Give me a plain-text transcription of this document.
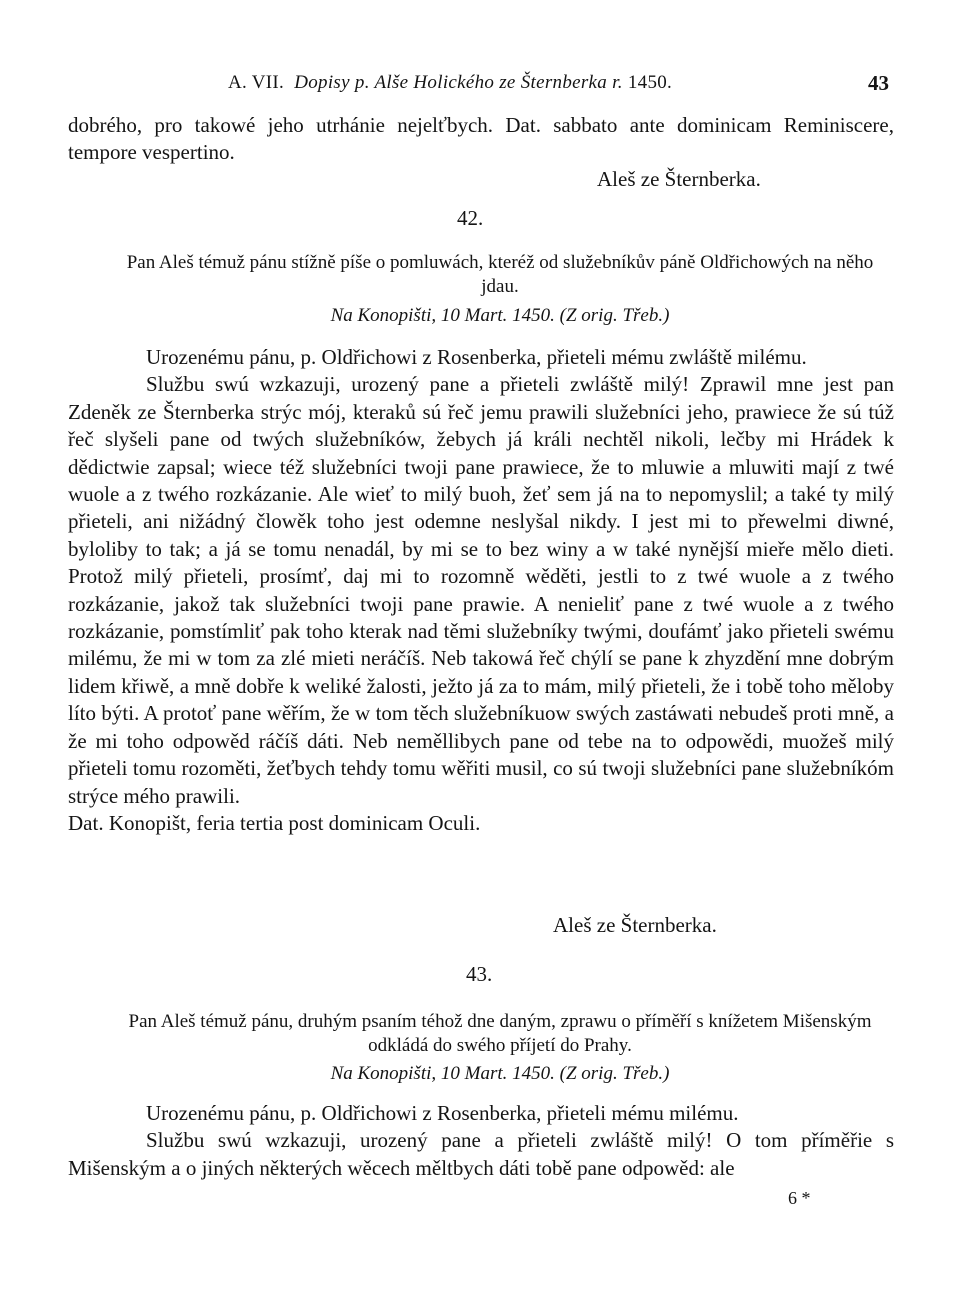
A. VII. Dopisy p. Alše Holického ze Šternberka r. 1450.	43

dobrého, pro takowé jeho utrhánie nejelťbych. Dat. sabbato ante dominicam Reminiscere, tempore vespertino.

Aleš ze Šternberka.
42.
Pan Aleš témuž pánu stížně píše o pomluwách, kteréž od služebníkův páně Oldřichowých na něho jdau.
Na Konopišti, 10 Mart. 1450. (Z orig. Třeb.)

Urozenému pánu, p. Oldřichowi z Rosenberka, přieteli mému zwláště milému.

Službu swú wzkazuji, urozený pane a přieteli zwláště milý! Zprawil mne jest pan Zdeněk ze Šternberka strýc mój, kteraků sú řeč jemu prawili služebníci jeho, prawiece že sú túž řeč slyšeli pane od twých služebníków, žebych já králi nechtěl nikoli, lečby mi Hrádek k dědictwie zapsal; wiece též služebníci twoji pane prawiece, že to mluwie a mluwiti mají z twé wuole a z twého rozkázanie. Ale wieť to milý buoh, žeť sem já na to nepomyslil; a také ty milý přieteli, ani nižádný člowěk toho jest odemne neslyšal nikdy. I jest mi to přewelmi diwné, byloliby to tak; a já se tomu nenadál, by mi se to bez winy a w také nynější mieře mělo dieti. Protož milý přieteli, prosímť, daj mi to rozomně wěděti, jestli to z twé wuole a z twého rozkázanie, jakož tak služebníci twoji pane prawie. A nenieliť pane z twé wuole a z twého rozkázanie, pomstímliť pak toho kterak nad těmi služebníky twými, doufámť jako přieteli swému milému, že mi w tom za zlé mieti neráčíš. Neb takowá řeč chýlí se pane k zhyzdění mne dobrým lidem křiwě, a mně dobře k weliké žalosti, ježto já za to mám, milý přieteli, že i tobě toho měloby líto býti. A protoť pane wěřím, že w tom těch služebníkuow swých zastáwati nebudeš proti mně, a že mi toho odpowěd ráčíš dáti. Neb neměllibych pane od tebe na to odpowědi, muožeš milý přieteli tomu rozoměti, žeťbych tehdy tomu wěřiti musil, co sú twoji služebníci pane služebníkóm strýce mého prawili.

Dat. Konopišt, feria tertia post dominicam Oculi.

Aleš ze Šternberka.
43.
Pan Aleš témuž pánu, druhým psaním téhož dne daným, zprawu o příměří s knížetem Mišenským odkládá do swého příjetí do Prahy.
Na Konopišti, 10 Mart. 1450. (Z orig. Třeb.)

Urozenému pánu, p. Oldřichowi z Rosenberka, přieteli mému milému.

Službu swú wzkazuji, urozený pane a přieteli zwláště milý! O tom příměřie s Mišenským a o jiných některých wěcech měltbych dáti tobě pane odpowěd: ale

6 *
